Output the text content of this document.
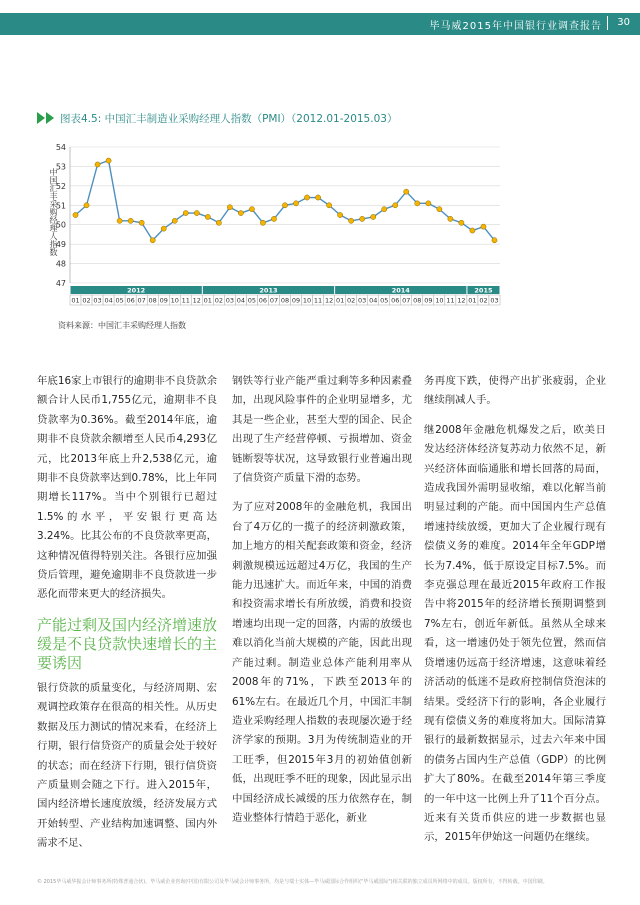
毕马威2015年中国银行业调查报告 30
图表4.5: 中国汇丰制造业采购经理人指数（PMI）（2012.01-2015.03）
中国汇丰采购经理人指数
47
48
49
50
51
52
53
54
2012	2013	2014	2015
01 02 03 04 05 06 07 08 09 10 11 12 01 02 03 04 05 06 07 08 09 10 11 12 01 02 03 04 05 06 07 08 09 10 11 12 01 02 03
资料来源：中国汇丰采购经理人指数

年底16家上市银行的逾期非不良贷款余额合计人民币1,755亿元，逾期非不良贷款率为0.36%。截至2014年底，逾期非不良贷款余额增至人民币4,293亿元，比2013年底上升2,538亿元，逾期非不良贷款率达到0.78%，比上年同期增长117%。当中个别银行已超过1.5%的水平，平安银行更高达3.24%。比其公布的不良贷款率更高，这种情况值得特别关注。各银行应加强贷后管理，避免逾期非不良贷款进一步恶化而带来更大的经济损失。

产能过剩及国内经济增速放缓是不良贷款快速增长的主要诱因

银行贷款的质量变化，与经济周期、宏观调控政策存在很高的相关性。从历史数据及压力测试的情况来看，在经济上行期，银行信贷资产的质量会处于较好的状态；而在经济下行期，银行信贷资产质量则会随之下行。进入2015年，国内经济增长速度放缓，经济发展方式开始转型、产业结构加速调整、国内外需求不足、

钢铁等行业产能严重过剩等多种因素叠加，出现风险事件的企业明显增多，尤其是一些企业，甚至大型的国企、民企出现了生产经营停顿、亏损增加、资金链断裂等状况，这导致银行业普遍出现了信贷资产质量下滑的态势。

为了应对2008年的金融危机，我国出台了4万亿的一揽子的经济刺激政策，加上地方的相关配套政策和资金，经济刺激规模远远超过4万亿，我国的生产能力迅速扩大。而近年来，中国的消费和投资需求增长有所放缓，消费和投资增速均出现一定的回落，内需的放缓也难以消化当前大规模的产能，因此出现产能过剩。制造业总体产能利用率从2008年的71%，下跌至2013年的61%左右。在最近几个月，中国汇丰制造业采购经理人指数的表现屡次逊于经济学家的预期。3月为传统制造业的开工旺季，但2015年3月的初始值创新低，出现旺季不旺的现象，因此显示出中国经济成长减缓的压力依然存在，制造业整体行情趋于恶化，新业

务再度下跌，使得产出扩张疲弱，企业继续削减人手。

继2008年金融危机爆发之后，欧美日发达经济体经济复苏动力依然不足，新兴经济体面临通胀和增长回落的局面，造成我国外需明显收缩，难以化解当前明显过剩的产能。而中国国内生产总值增速持续放缓，更加大了企业履行现有偿债义务的难度。2014年全年GDP增长为7.4%，低于原设定目标7.5%。而李克强总理在最近2015年政府工作报告中将2015年的经济增长预期调整到7%左右，创近年新低。虽然从全球来看，这一增速仍处于领先位置，然而信贷增速仍远高于经济增速，这意味着经济活动的低迷不是政府控制信贷泡沫的结果。受经济下行的影响，各企业履行现有偿债义务的难度将加大。国际清算银行的最新数据显示，过去六年来中国的债务占国内生产总值（GDP）的比例扩大了80%。在截至2014年第三季度的一年中这一比例上升了11个百分点。近来有关货币供应的进一步数据也显示，2015年伊始这一问题仍在继续。

© 2015毕马威华振会计师事务所(特殊普通合伙)、毕马威企业咨询(中国)有限公司及毕马威会计师事务所，均是与瑞士实体—毕马威国际合作组织("毕马威国际")相关联的独立成员所网络中的成员。版权所有，不得转载。中国印刷。
